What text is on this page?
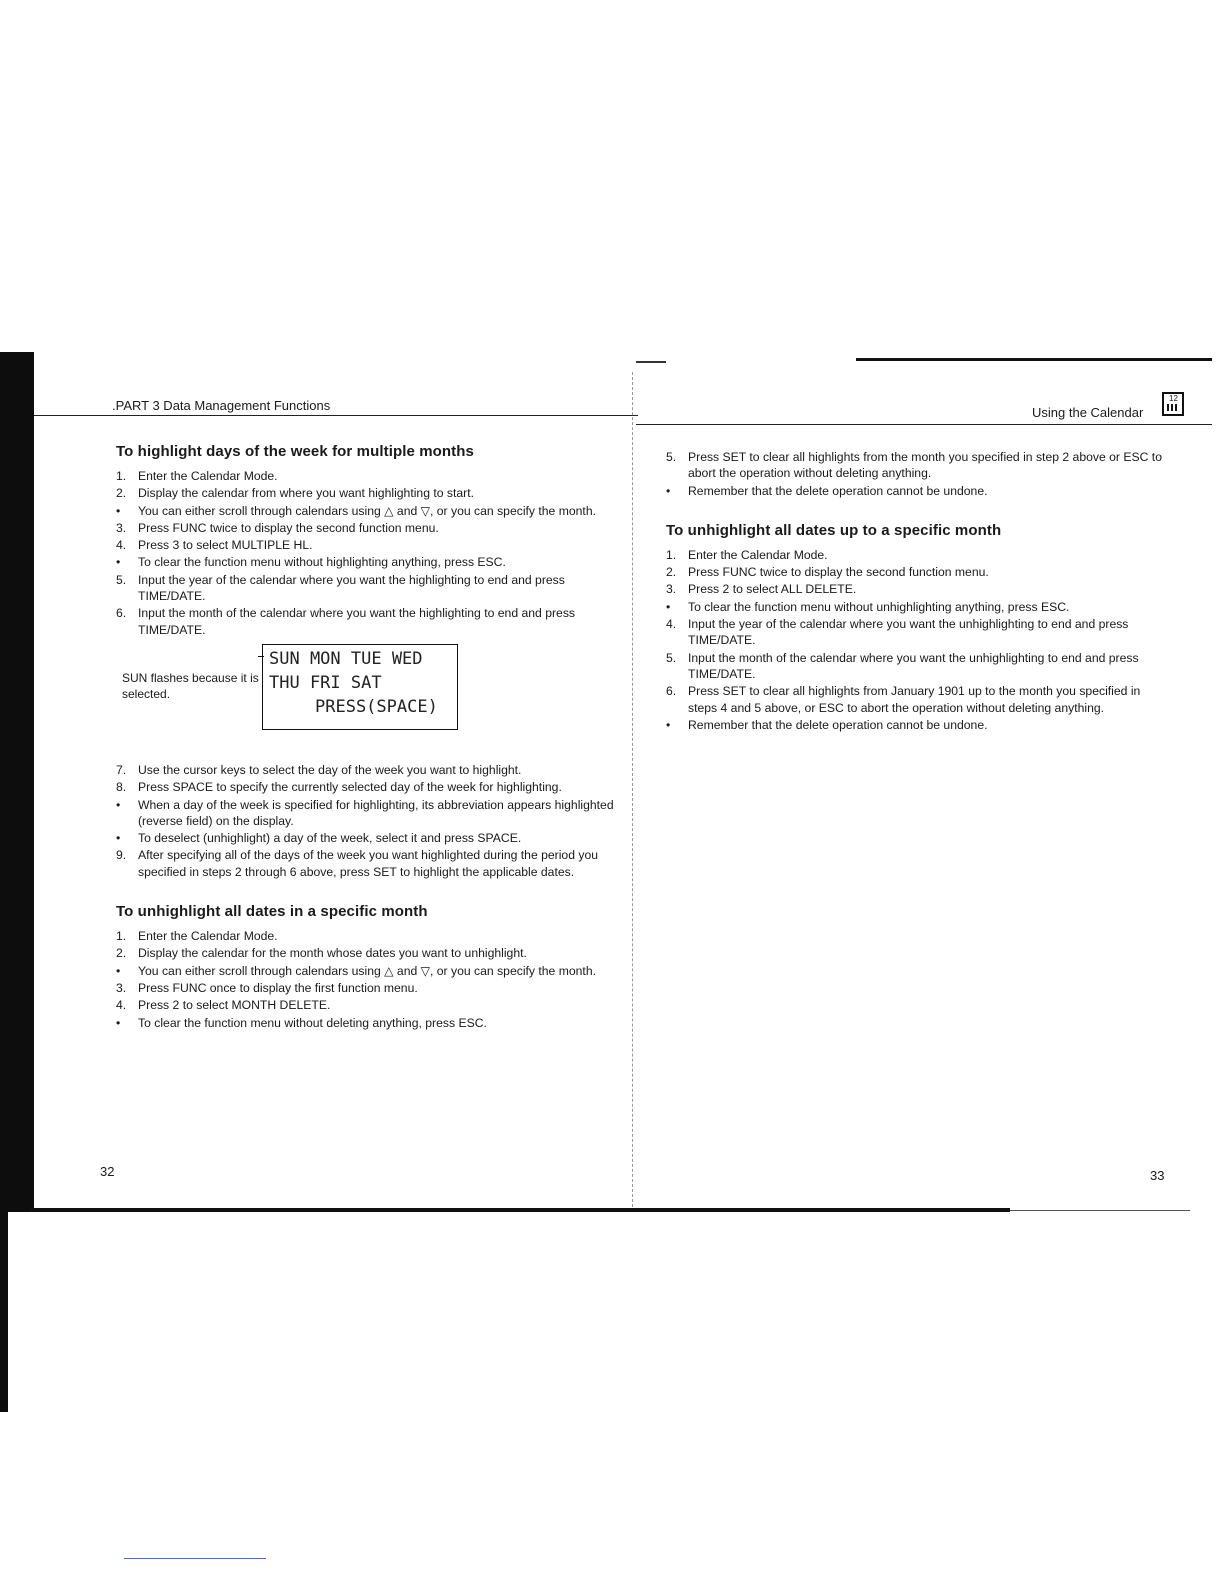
.PART 3 Data Management Functions	Using the Calendar
12
To highlight days of the week for multiple months
1. Enter the Calendar Mode.
2. Display the calendar from where you want highlighting to start.
•	You can either scroll through calendars using △ and ▽, or you can specify the month.
3. Press FUNC twice to display the second function menu.
4. Press 3 to select MULTIPLE HL.
•	To clear the function menu without highlighting anything, press ESC.
5. Input the year of the calendar where you want the highlighting to end and press TIME/DATE.
6. Input the month of the calendar where you want the highlighting to end and press TIME/DATE.
SUN flashes because it is selected.
SUN MON TUE WED
THU FRI SAT
PRESS(SPACE)
7. Use the cursor keys to select the day of the week you want to highlight.
8. Press SPACE to specify the currently selected day of the week for highlighting.
•	When a day of the week is specified for highlighting, its abbreviation appears highlighted (reverse field) on the display.
•	To deselect (unhighlight) a day of the week, select it and press SPACE.
9. After specifying all of the days of the week you want highlighted during the period you specified in steps 2 through 6 above, press SET to highlight the applicable dates.
To unhighlight all dates in a specific month
1. Enter the Calendar Mode.
2. Display the calendar for the month whose dates you want to unhighlight.
•	You can either scroll through calendars using △ and ▽, or you can specify the month.
3. Press FUNC once to display the first function menu.
4. Press 2 to select MONTH DELETE.
•	To clear the function menu without deleting anything, press ESC.
32
5. Press SET to clear all highlights from the month you specified in step 2 above or ESC to abort the operation without deleting anything.
•	Remember that the delete operation cannot be undone.
To unhighlight all dates up to a specific month
1. Enter the Calendar Mode.
2. Press FUNC twice to display the second function menu.
3. Press 2 to select ALL DELETE.
•	To clear the function menu without unhighlighting anything, press ESC.
4. Input the year of the calendar where you want the unhighlighting to end and press TIME/DATE.
5. Input the month of the calendar where you want the unhighlighting to end and press TIME/DATE.
6. Press SET to clear all highlights from January 1901 up to the month you specified in steps 4 and 5 above, or ESC to abort the operation without deleting anything.
•	Remember that the delete operation cannot be undone.
33
